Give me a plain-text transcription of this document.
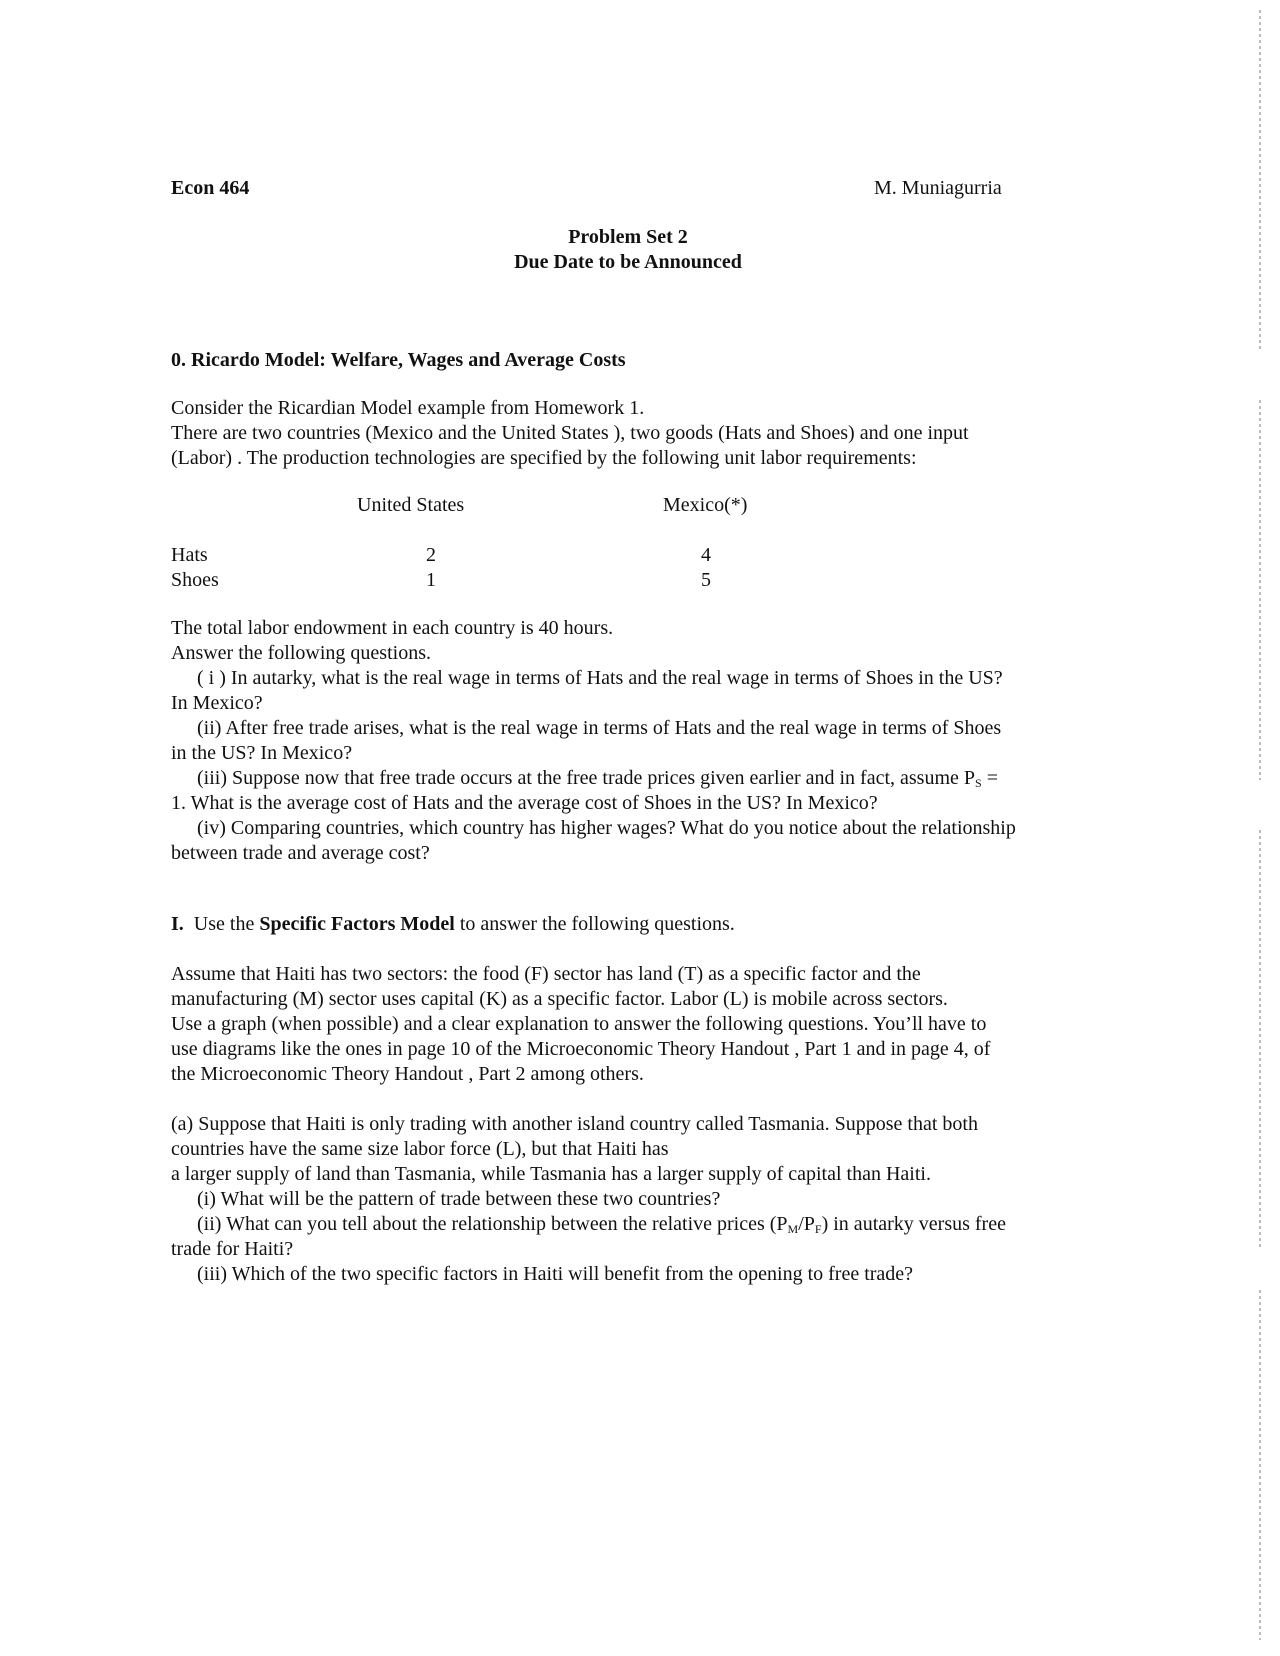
Econ 464	M. Muniagurria
Problem Set 2
Due Date to be Announced
0. Ricardo Model: Welfare, Wages and Average Costs
Consider the Ricardian Model example from Homework 1.
There are two countries (Mexico and the United States ), two goods (Hats and Shoes) and one input
(Labor) . The production technologies are specified by the following unit labor requirements:
United States	Mexico(*)
Hats	2	4
Shoes	1	5
The total labor endowment in each country is 40 hours.
Answer the following questions.
( i ) In autarky, what is the real wage in terms of Hats and the real wage in terms of Shoes in the US?
In Mexico?
(ii) After free trade arises, what is the real wage in terms of Hats and the real wage in terms of Shoes
in the US? In Mexico?
(iii) Suppose now that free trade occurs at the free trade prices given earlier and in fact, assume $P_S$ =
1. What is the average cost of Hats and the average cost of Shoes in the US? In Mexico?
(iv) Comparing countries, which country has higher wages? What do you notice about the relationship
between trade and average cost?
I. Use the Specific Factors Model to answer the following questions.
Assume that Haiti has two sectors: the food (F) sector has land (T) as a specific factor and the
manufacturing (M) sector uses capital (K) as a specific factor. Labor (L) is mobile across sectors.
Use a graph (when possible) and a clear explanation to answer the following questions. You’ll have to
use diagrams like the ones in page 10 of the Microeconomic Theory Handout , Part 1 and in page 4, of
the Microeconomic Theory Handout , Part 2 among others.
(a) Suppose that Haiti is only trading with another island country called Tasmania. Suppose that both
countries have the same size labor force (L), but that Haiti has
a larger supply of land than Tasmania, while Tasmania has a larger supply of capital than Haiti.
(i) What will be the pattern of trade between these two countries?
(ii) What can you tell about the relationship between the relative prices $(P_M/P_F)$ in autarky versus free
trade for Haiti?
(iii) Which of the two specific factors in Haiti will benefit from the opening to free trade?
